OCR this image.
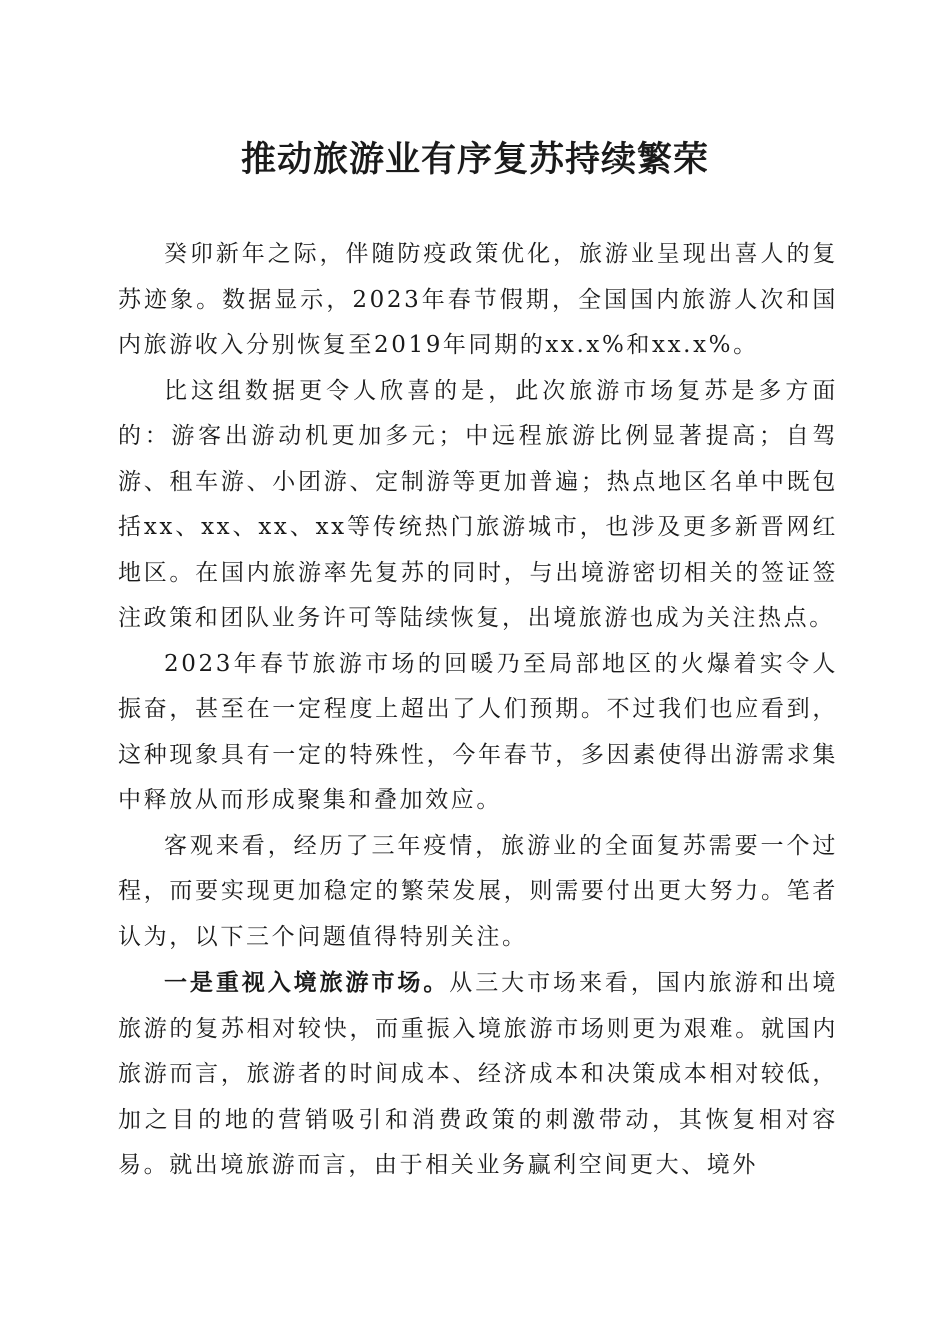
推动旅游业有序复苏持续繁荣

癸卯新年之际，伴随防疫政策优化，旅游业呈现出喜人的复苏迹象。数据显示，2023年春节假期，全国国内旅游人次和国内旅游收入分别恢复至2019年同期的xx.x%和xx.x%。

比这组数据更令人欣喜的是，此次旅游市场复苏是多方面的：游客出游动机更加多元；中远程旅游比例显著提高；自驾游、租车游、小团游、定制游等更加普遍；热点地区名单中既包括xx、xx、xx、xx等传统热门旅游城市，也涉及更多新晋网红地区。在国内旅游率先复苏的同时，与出境游密切相关的签证签注政策和团队业务许可等陆续恢复，出境旅游也成为关注热点。

2023年春节旅游市场的回暖乃至局部地区的火爆着实令人振奋，甚至在一定程度上超出了人们预期。不过我们也应看到，这种现象具有一定的特殊性，今年春节，多因素使得出游需求集中释放从而形成聚集和叠加效应。

客观来看，经历了三年疫情，旅游业的全面复苏需要一个过程，而要实现更加稳定的繁荣发展，则需要付出更大努力。笔者认为，以下三个问题值得特别关注。

一是重视入境旅游市场。从三大市场来看，国内旅游和出境旅游的复苏相对较快，而重振入境旅游市场则更为艰难。就国内旅游而言，旅游者的时间成本、经济成本和决策成本相对较低，加之目的地的营销吸引和消费政策的刺激带动，其恢复相对容易。就出境旅游而言，由于相关业务赢利空间更大、境外
